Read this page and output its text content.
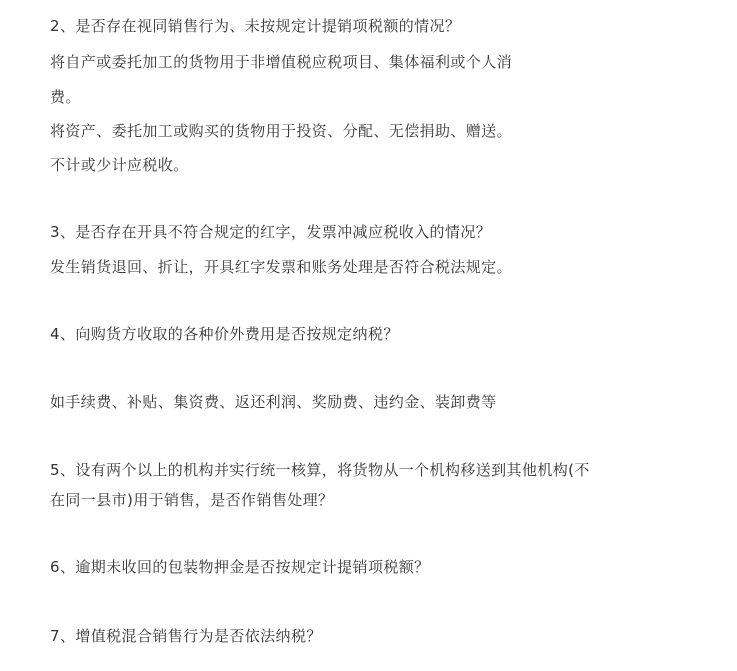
2、是否存在视同销售行为、未按规定计提销项税额的情况？
将自产或委托加工的货物用于非增值税应税项目、集体福利或个人消
费。
将资产、委托加工或购买的货物用于投资、分配、无偿捐助、赠送。
不计或少计应税收。
3、是否存在开具不符合规定的红字，发票冲减应税收入的情况？
发生销货退回、折让，开具红字发票和账务处理是否符合税法规定。
4、向购货方收取的各种价外费用是否按规定纳税？
如手续费、补贴、集资费、返还利润、奖励费、违约金、装卸费等
5、设有两个以上的机构并实行统一核算，将货物从一个机构移送到其他机构(不
在同一县市)用于销售，是否作销售处理？
6、逾期未收回的包装物押金是否按规定计提销项税额？
7、增值税混合销售行为是否依法纳税？
